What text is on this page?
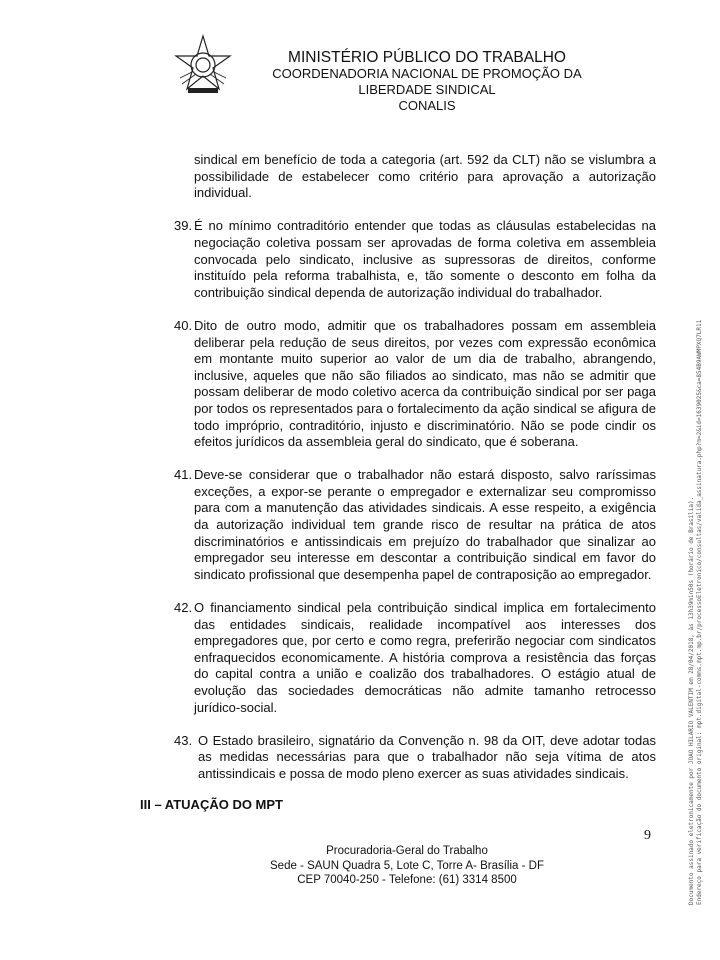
MINISTÉRIO PÚBLICO DO TRABALHO
COORDENADORIA NACIONAL DE PROMOÇÃO DA
LIBERDADE SINDICAL
CONALIS

sindical em benefício de toda a categoria (art. 592 da CLT) não se vislumbra a possibilidade de estabelecer como critério para aprovação a autorização individual.

39. É no mínimo contraditório entender que todas as cláusulas estabelecidas na negociação coletiva possam ser aprovadas de forma coletiva em assembleia convocada pelo sindicato, inclusive as supressoras de direitos, conforme instituído pela reforma trabalhista, e, tão somente o desconto em folha da contribuição sindical dependa de autorização individual do trabalhador.
40. Dito de outro modo, admitir que os trabalhadores possam em assembleia deliberar pela redução de seus direitos, por vezes com expressão econômica em montante muito superior ao valor de um dia de trabalho, abrangendo, inclusive, aqueles que não são filiados ao sindicato, mas não se admitir que possam deliberar de modo coletivo acerca da contribuição sindical por ser paga por todos os representados para o fortalecimento da ação sindical se afigura de todo impróprio, contraditório, injusto e discriminatório. Não se pode cindir os efeitos jurídicos da assembleia geral do sindicato, que é soberana.
41. Deve-se considerar que o trabalhador não estará disposto, salvo raríssimas exceções, a expor-se perante o empregador e externalizar seu compromisso para com a manutenção das atividades sindicais. A esse respeito, a exigência da autorização individual tem grande risco de resultar na prática de atos discriminatórios e antissindicais em prejuízo do trabalhador que sinalizar ao empregador seu interesse em descontar a contribuição sindical em favor do sindicato profissional que desempenha papel de contraposição ao empregador.
42. O financiamento sindical pela contribuição sindical implica em fortalecimento das entidades sindicais, realidade incompatível aos interesses dos empregadores que, por certo e como regra, preferirão negociar com sindicatos enfraquecidos economicamente. A história comprova a resistência das forças do capital contra a união e coalizão dos trabalhadores. O estágio atual de evolução das sociedades democráticas não admite tamanho retrocesso jurídico-social.
43. O Estado brasileiro, signatário da Convenção n. 98 da OIT, deve adotar todas as medidas necessárias para que o trabalhador não seja vítima de atos antissindicais e possa de modo pleno exercer as suas atividades sindicais.
III – ATUAÇÃO DO MPT
9
Procuradoria-Geral do Trabalho
Sede - SAUN Quadra 5, Lote C, Torre A- Brasília - DF
CEP 70040-250 - Telefone: (61) 3314 8500	Documento assinado eletronicamente por JOAO HILARIO VALENTIM em 28/04/2018, às 13h39min50s (horário de Brasília). Endereço para verificação do documento original: mpt.digital-comms.mpt.mp.br/processoEletronico/consultas/valida_assinatura.php?m=2&id=1639025&ca=854B9AWMPXQ7LR11
